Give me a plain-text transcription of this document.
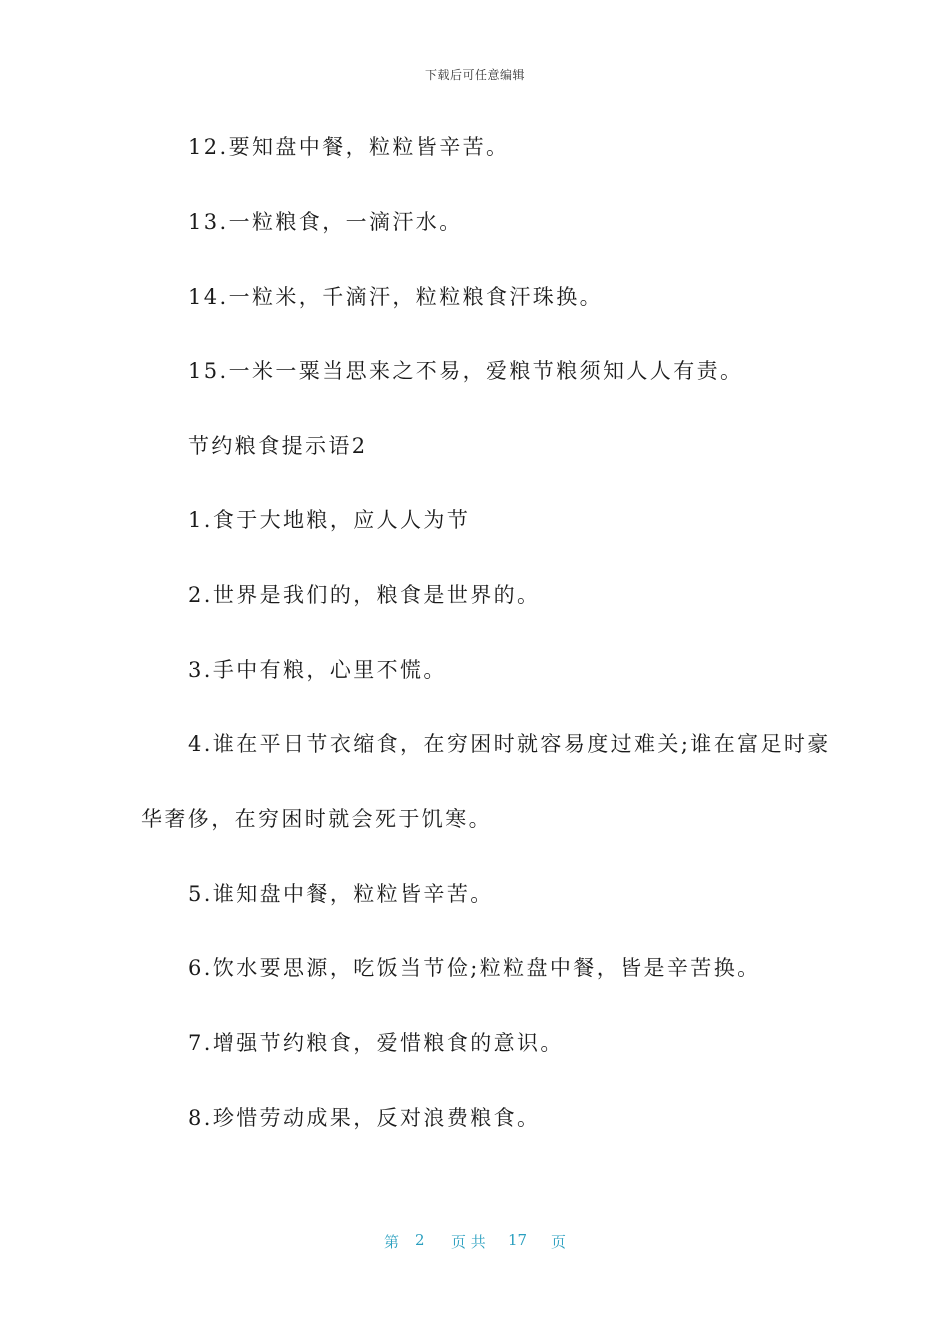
下载后可任意编辑
12.要知盘中餐，粒粒皆辛苦。
13.一粒粮食，一滴汗水。
14.一粒米，千滴汗，粒粒粮食汗珠换。
15.一米一粟当思来之不易，爱粮节粮须知人人有责。
节约粮食提示语2
1.食于大地粮，应人人为节
2.世界是我们的，粮食是世界的。
3.手中有粮，心里不慌。
4.谁在平日节衣缩食，在穷困时就容易度过难关;谁在富足时豪
华奢侈，在穷困时就会死于饥寒。
5.谁知盘中餐，粒粒皆辛苦。
6.饮水要思源，吃饭当节俭;粒粒盘中餐，皆是辛苦换。
7.增强节约粮食，爱惜粮食的意识。
8.珍惜劳动成果，反对浪费粮食。
第 2 页 共 17 页
